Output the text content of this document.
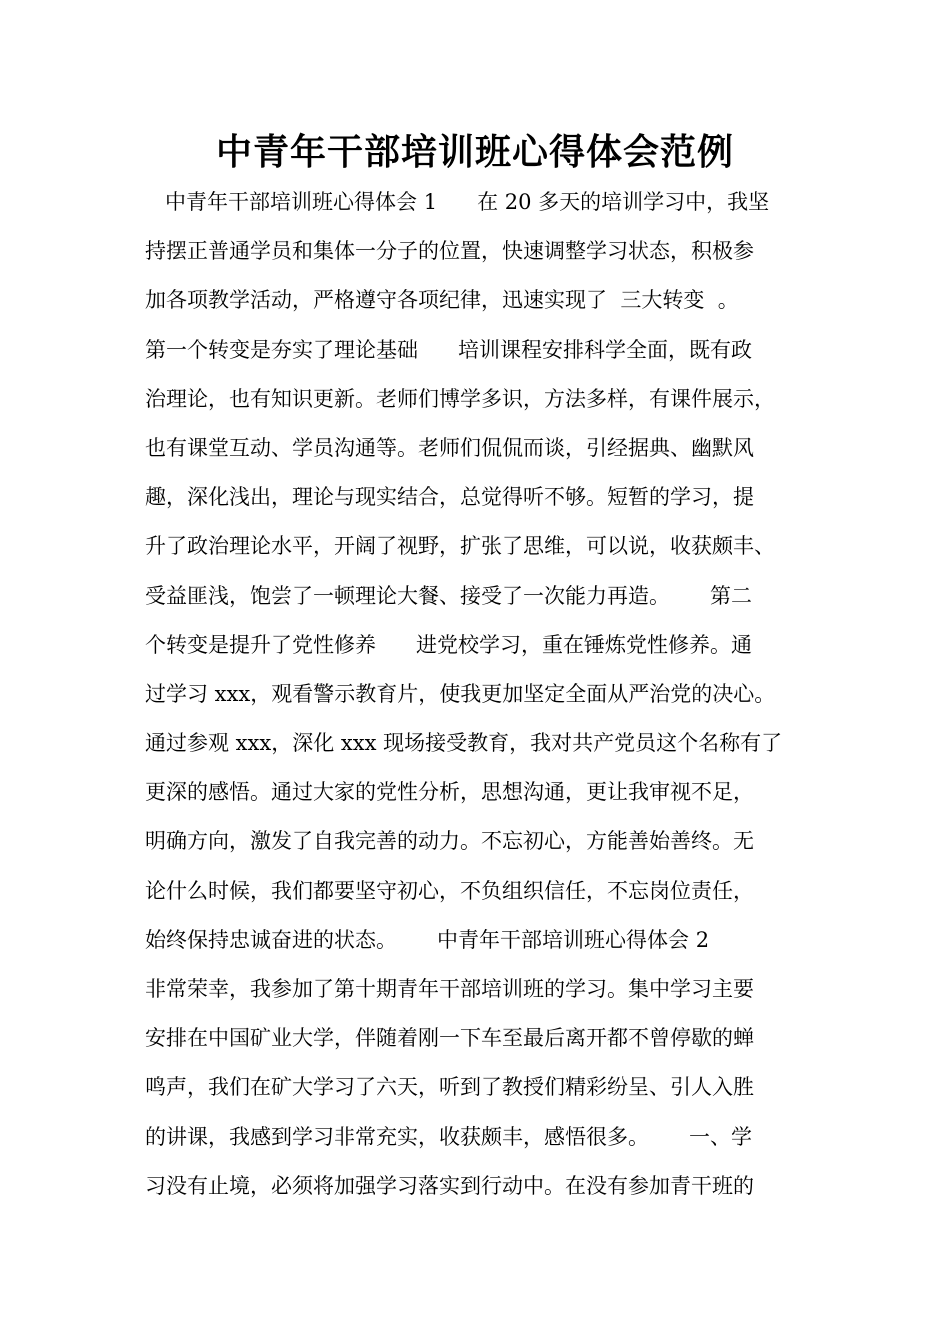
中青年干部培训班心得体会范例
中青年干部培训班心得体会 1      在 20 多天的培训学习中，我坚
持摆正普通学员和集体一分子的位置，快速调整学习状态，积极参
加各项教学活动，严格遵守各项纪律，迅速实现了  三大转变  。
第一个转变是夯实了理论基础      培训课程安排科学全面，既有政
治理论，也有知识更新。老师们博学多识，方法多样，有课件展示，
也有课堂互动、学员沟通等。老师们侃侃而谈，引经据典、幽默风
趣，深化浅出，理论与现实结合，总觉得听不够。短暂的学习，提
升了政治理论水平，开阔了视野，扩张了思维，可以说，收获颇丰、
受益匪浅，饱尝了一顿理论大餐、接受了一次能力再造。      第二
个转变是提升了党性修养      进党校学习，重在锤炼党性修养。通
过学习 xxx，观看警示教育片，使我更加坚定全面从严治党的决心。
通过参观 xxx，深化 xxx 现场接受教育，我对共产党员这个名称有了
更深的感悟。通过大家的党性分析，思想沟通，更让我审视不足，
明确方向，激发了自我完善的动力。不忘初心，方能善始善终。无
论什么时候，我们都要坚守初心，不负组织信任，不忘岗位责任，
始终保持忠诚奋进的状态。      中青年干部培训班心得体会 2
非常荣幸，我参加了第十期青年干部培训班的学习。集中学习主要
安排在中国矿业大学，伴随着刚一下车至最后离开都不曾停歇的蝉
鸣声，我们在矿大学习了六天，听到了教授们精彩纷呈、引人入胜
的讲课，我感到学习非常充实，收获颇丰，感悟很多。      一、学
习没有止境，必须将加强学习落实到行动中。在没有参加青干班的
